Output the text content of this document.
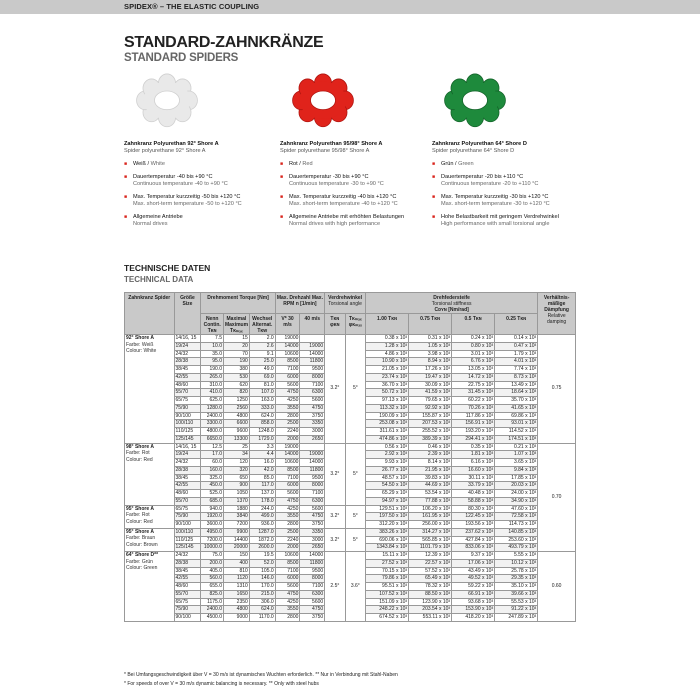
SPIDEX® – THE ELASTIC COUPLING
STANDARD-ZAHNKRÄNZE
STANDARD SPIDERS
Zahnkranz Polyurethan 92° Shore A
Spider polyurethane 92° Shore A
■ Weiß / White
■ Dauertemperatur -40 bis +90 °C
Continuous temperature -40 to +90 °C
■ Max. Temperatur kurzzeitig -50 bis +120 °C
Max. short-term temperature -50 to +120 °C
■ Allgemeine Antriebe
Normal drives
Zahnkranz Polyurethan 95/98° Shore A
Spider polyurethane 95/98° Shore A
■ Rot / Red
■ Dauertemperatur -30 bis +90 °C
Continuous temperature -30 to +90 °C
■ Max. Temperatur kurzzeitig -40 bis +120 °C
Max. short-term temperature -40 to +120 °C
■ Allgemeine Antriebe mit erhöhten Belastungen
Normal drives with high performance
Zahnkranz Polyurethan 64° Shore D
Spider polyurethane 64° Shore D
■ Grün / Green
■ Dauertemperatur -20 bis +110 °C
Continuous temperature -20 to +110 °C
■ Max. Temperatur kurzzeitig -30 bis +120 °C
Max. short-term temperature -30 to +120 °C
■ Hohe Belastbarkeit mit geringem Verdrehwinkel
High performance with small torsional angle
TECHNISCHE DATEN
TECHNICAL DATA
Zahnkranz Spider	Größe Size	Drehmoment Torque [Nm]			Max. Drehzahl Max. RPM n [1/min]		Verdrehwinkel
Torsional angle		Drehfedersteife
Torsional stiffness
Cᴅʏɴ [Nm/rad]				Verhältnis-mäßige Dämpfung
Relative damping
		Nenn Contin. Tᴋɴ	Maximal Maximum Tᴋₘₐₓ	Wechsel Alternat. Tᴋᴡ	V* 30 m/s	40 m/s	Tᴋɴ φᴋɴ	Tᴋₘₐₓ φᴋₘₐₓ	1.00 Tᴋɴ	0.75 Tᴋɴ	0.5 Tᴋɴ	0.25 Tᴋɴ	

92° Shore A
Farbe: Weiß
Colour: White	14/16, 15	7.5	15	2.0	19000		3.2°	5°	0.38 x 10³	0.31 x 10³	0.24 x 10³	0.14 x 10³	0.75
	19/24	10.0	20	2.6	14000	19000			1.28 x 10³	1.05 x 10³	0.80 x 10³	0.47 x 10³	
	24/32	35.0	70	9.1	10600	14000			4.86 x 10³	3.98 x 10³	3.01 x 10³	1.79 x 10³	
	28/38	95.0	190	25.0	8500	11800			10.90 x 10³	8.94 x 10³	6.76 x 10³	4.01 x 10³	
	38/45	190.0	380	49.0	7100	9500			21.05 x 10³	17.26 x 10³	13.05 x 10³	7.74 x 10³	
	42/55	265.0	530	69.0	6000	8000			23.74 x 10³	19.47 x 10³	14.72 x 10³	8.73 x 10³	
	48/60	310.0	620	81.0	5600	7100			36.70 x 10³	30.09 x 10³	22.75 x 10³	13.49 x 10³	
	55/70	410.0	820	107.0	4750	6300			50.72 x 10³	41.59 x 10³	31.45 x 10³	18.64 x 10³	
	65/75	625.0	1250	163.0	4250	5600			97.13 x 10³	79.65 x 10³	60.22 x 10³	35.70 x 10³	
	75/90	1280.0	2560	333.0	3550	4750			113.32 x 10³	92.92 x 10³	70.26 x 10³	41.65 x 10³	
	90/100	2400.0	4800	624.0	2800	3750			190.09 x 10³	155.87 x 10³	117.86 x 10³	69.86 x 10³	
	100/110	3300.0	6600	858.0	2500	3350			253.08 x 10³	207.53 x 10³	156.91 x 10³	93.01 x 10³	
	110/125	4800.0	9600	1248.0	2240	3000			311.61 x 10³	255.52 x 10³	193.20 x 10³	114.52 x 10³	
	125/145	6650.0	13300	1729.0	2000	2650			474.86 x 10³	389.39 x 10³	294.41 x 10³	174.51 x 10³	

98° Shore A
Farbe: Rot
Colour: Red	14/16, 15	12.5	25	3.3	19000		3.2°	5°	0.56 x 10³	0.46 x 10³	0.35 x 10³	0.21 x 10³	0.70
	19/24	17.0	34	4.4	14000	19000			2.92 x 10³	2.39 x 10³	1.81 x 10³	1.07 x 10³	
	24/32	60.0	120	16.0	10600	14000			9.93 x 10³	8.14 x 10³	6.16 x 10³	3.65 x 10³	
	28/38	160.0	320	42.0	8500	11800			26.77 x 10³	21.95 x 10³	16.60 x 10³	9.84 x 10³	
	38/45	325.0	650	85.0	7100	9500			48.57 x 10³	39.83 x 10³	30.11 x 10³	17.85 x 10³	
	42/55	450.0	900	117.0	6000	8000			54.50 x 10³	44.69 x 10³	33.79 x 10³	20.03 x 10³	
	48/60	525.0	1050	137.0	5600	7100			65.29 x 10³	53.54 x 10³	40.48 x 10³	24.00 x 10³	
	55/70	685.0	1370	178.0	4750	6300			94.97 x 10³	77.88 x 10³	58.88 x 10³	34.90 x 10³	

95° Shore A
Farbe: Rot
Colour: Red	65/75	940.0	1880	244.0	4250	5600	3.2°	5°	129.51 x 10³	106.20 x 10³	80.30 x 10³	47.60 x 10³	
	75/90	1920.0	3840	499.0	3550	4750			197.50 x 10³	161.95 x 10³	122.45 x 10³	72.58 x 10³	
	90/100	3600.0	7200	936.0	2800	3750			312.20 x 10³	256.00 x 10³	193.56 x 10³	114.73 x 10³	

95° Shore A
Farbe: Braun
Colour: Brown	100/110	4950.0	9900	1287.0	2500	3350	3.2°	5°	383.26 x 10³	314.27 x 10³	237.62 x 10³	140.85 x 10³	
	110/125	7200.0	14400	1872.0	2240	3000			690.06 x 10³	565.85 x 10³	427.84 x 10³	253.60 x 10³	
	125/145	10000.0	20000	2600.0	2000	2650			1343.84 x 10³	1101.79 x 10³	833.06 x 10³	493.79 x 10³	

64° Shore D**
Farbe: Grün
Colour: Green	24/32	75.0	150	19.5	10600	14000	2.5°	3.6°	15.11 x 10³	12.39 x 10³	9.37 x 10³	5.55 x 10³	0.60
	28/38	200.0	400	52.0	8500	11800			27.52 x 10³	22.57 x 10³	17.06 x 10³	10.12 x 10³	
	38/45	405.0	810	105.0	7100	9500			70.15 x 10³	57.52 x 10³	43.49 x 10³	25.78 x 10³	
	42/55	560.0	1120	146.0	6000	8000			79.86 x 10³	65.49 x 10³	49.52 x 10³	29.35 x 10³	
	48/60	655.0	1310	170.0	5600	7100			95.51 x 10³	78.32 x 10³	59.22 x 10³	35.10 x 10³	
	55/70	825.0	1650	215.0	4750	6300			107.52 x 10³	88.50 x 10³	66.91 x 10³	39.66 x 10³	
	65/75	1175.0	2350	306.0	4250	5600			151.09 x 10³	123.90 x 10³	93.68 x 10³	55.53 x 10³	
	75/90	2400.0	4800	624.0	3550	4750			248.22 x 10³	203.54 x 10³	153.90 x 10³	91.22 x 10³	
	90/100	4500.0	9000	1170.0	2800	3750			674.52 x 10³	553.11 x 10³	418.20 x 10³	247.89 x 10³	
* Bei Umfangsgeschwindigkeit über V = 30 m/s ist dynamisches Wuchten erforderlich. ** Nur in Verbindung mit Stahl-Naben
* For speeds of over V = 30 m/s dynamic balancing is necessary. ** Only with steel hubs
